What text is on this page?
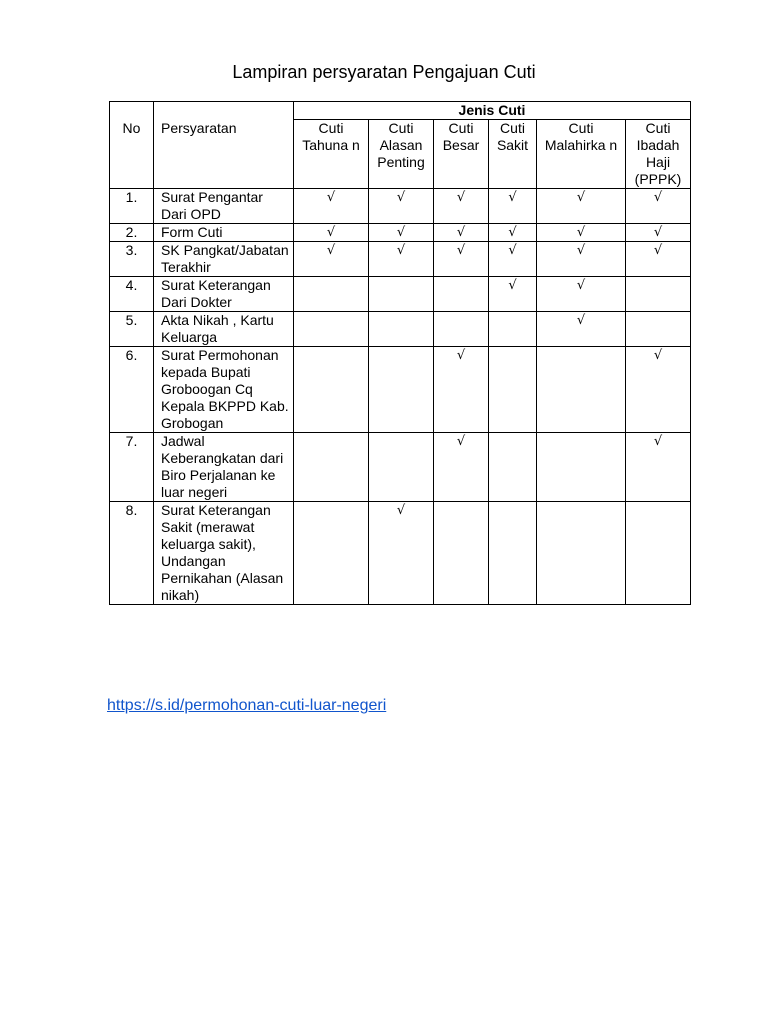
Lampiran persyaratan Pengajuan Cuti
No	Persyaratan	Jenis Cuti					
		Cuti Tahuna n	Cuti Alasan Penting	Cuti Besar	Cuti Sakit	Cuti Malahirka n	Cuti Ibadah Haji (PPPK)
1.	Surat Pengantar Dari OPD	√	√	√	√	√	√
2.	Form Cuti	√	√	√	√	√	√
3.	SK Pangkat/Jabatan Terakhir	√	√	√	√	√	√
4.	Surat Keterangan Dari Dokter				√	√	
5.	Akta Nikah , Kartu Keluarga					√	
6.	Surat Permohonan kepada Bupati Groboogan Cq Kepala BKPPD Kab. Grobogan			√			√
7.	Jadwal Keberangkatan dari Biro Perjalanan ke luar negeri			√			√
8.	Surat Keterangan Sakit (merawat keluarga sakit), Undangan Pernikahan (Alasan nikah)		√				
https://s.id/permohonan-cuti-luar-negeri
